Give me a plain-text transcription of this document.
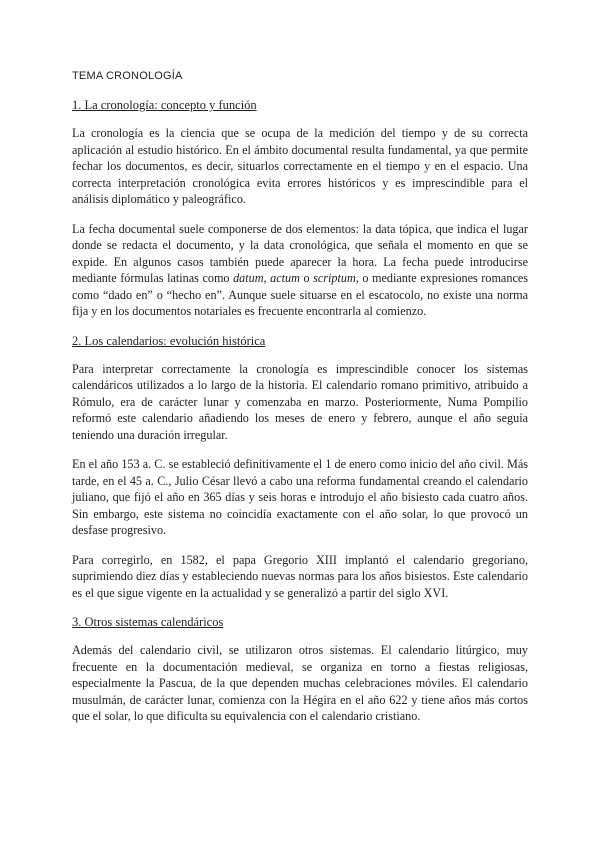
TEMA CRONOLOGÍA
1. La cronología: concepto y función

La cronología es la ciencia que se ocupa de la medición del tiempo y de su correcta aplicación al estudio histórico. En el ámbito documental resulta fundamental, ya que permite fechar los documentos, es decir, situarlos correctamente en el tiempo y en el espacio. Una correcta interpretación cronológica evita errores históricos y es imprescindible para el análisis diplomático y paleográfico.

La fecha documental suele componerse de dos elementos: la data tópica, que indica el lugar donde se redacta el documento, y la data cronológica, que señala el momento en que se expide. En algunos casos también puede aparecer la hora. La fecha puede introducirse mediante fórmulas latinas como datum, actum o scriptum, o mediante expresiones romances como “dado en” o “hecho en”. Aunque suele situarse en el escatocolo, no existe una norma fija y en los documentos notariales es frecuente encontrarla al comienzo.

2. Los calendarios: evolución histórica

Para interpretar correctamente la cronología es imprescindible conocer los sistemas calendáricos utilizados a lo largo de la historia. El calendario romano primitivo, atribuido a Rómulo, era de carácter lunar y comenzaba en marzo. Posteriormente, Numa Pompilio reformó este calendario añadiendo los meses de enero y febrero, aunque el año seguía teniendo una duración irregular.

En el año 153 a. C. se estableció definitivamente el 1 de enero como inicio del año civil. Más tarde, en el 45 a. C., Julio César llevó a cabo una reforma fundamental creando el calendario juliano, que fijó el año en 365 días y seis horas e introdujo el año bisiesto cada cuatro años. Sin embargo, este sistema no coincidía exactamente con el año solar, lo que provocó un desfase progresivo.

Para corregirlo, en 1582, el papa Gregorio XIII implantó el calendario gregoriano, suprimiendo diez días y estableciendo nuevas normas para los años bisiestos. Este calendario es el que sigue vigente en la actualidad y se generalizó a partir del siglo XVI.

3. Otros sistemas calendáricos

Además del calendario civil, se utilizaron otros sistemas. El calendario litúrgico, muy frecuente en la documentación medieval, se organiza en torno a fiestas religiosas, especialmente la Pascua, de la que dependen muchas celebraciones móviles. El calendario musulmán, de carácter lunar, comienza con la Hégira en el año 622 y tiene años más cortos que el solar, lo que dificulta su equivalencia con el calendario cristiano.
